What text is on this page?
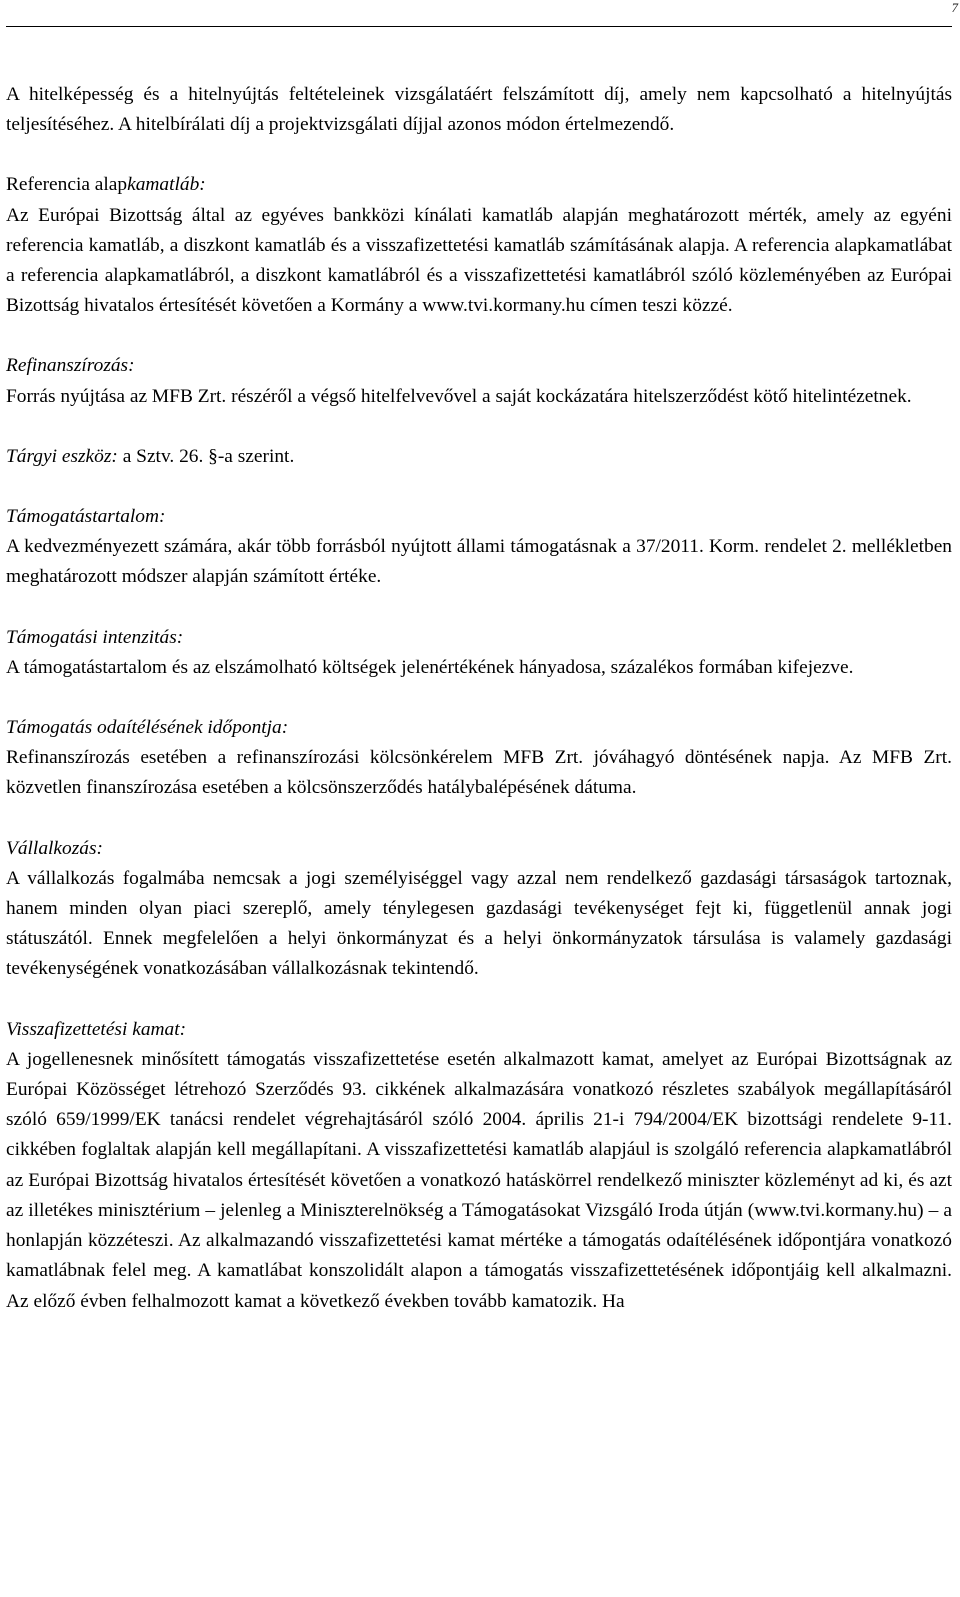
7

A hitelképesség és a hitelnyújtás feltételeinek vizsgálatáért felszámított díj, amely nem kapcsolható a hitelnyújtás teljesítéséhez. A hitelbírálati díj a projektvizsgálati díjjal azonos módon értelmezendő.

Referencia alapkamatláb:
Az Európai Bizottság által az egyéves bankközi kínálati kamatláb alapján meghatározott mérték, amely az egyéni referencia kamatláb, a diszkont kamatláb és a visszafizettetési kamatláb számításának alapja. A referencia alapkamatlábat a referencia alapkamatlábról, a diszkont kamatlábról és a visszafizettetési kamatlábról szóló közleményében az Európai Bizottság hivatalos értesítését követően a Kormány a www.tvi.kormany.hu címen teszi közzé.

Refinanszírozás:
Forrás nyújtása az MFB Zrt. részéről a végső hitelfelvevővel a saját kockázatára hitelszerződést kötő hitelintézetnek.

Tárgyi eszköz: a Sztv. 26. §-a szerint.

Támogatástartalom:
A kedvezményezett számára, akár több forrásból nyújtott állami támogatásnak a 37/2011. Korm. rendelet 2. mellékletben meghatározott módszer alapján számított értéke.

Támogatási intenzitás:
A támogatástartalom és az elszámolható költségek jelenértékének hányadosa, százalékos formában kifejezve.

Támogatás odaítélésének időpontja:
Refinanszírozás esetében a refinanszírozási kölcsönkérelem MFB Zrt. jóváhagyó döntésének napja. Az MFB Zrt. közvetlen finanszírozása esetében a kölcsönszerződés hatálybalépésének dátuma.

Vállalkozás:
A vállalkozás fogalmába nemcsak a jogi személyiséggel vagy azzal nem rendelkező gazdasági társaságok tartoznak, hanem minden olyan piaci szereplő, amely ténylegesen gazdasági tevékenységet fejt ki, függetlenül annak jogi státuszától. Ennek megfelelően a helyi önkormányzat és a helyi önkormányzatok társulása is valamely gazdasági tevékenységének vonatkozásában vállalkozásnak tekintendő.

Visszafizettetési kamat:
A jogellenesnek minősített támogatás visszafizettetése esetén alkalmazott kamat, amelyet az Európai Bizottságnak az Európai Közösséget létrehozó Szerződés 93. cikkének alkalmazására vonatkozó részletes szabályok megállapításáról szóló 659/1999/EK tanácsi rendelet végrehajtásáról szóló 2004. április 21-i 794/2004/EK bizottsági rendelete 9-11. cikkében foglaltak alapján kell megállapítani. A visszafizettetési kamatláb alapjául is szolgáló referencia alapkamatlábról az Európai Bizottság hivatalos értesítését követően a vonatkozó hatáskörrel rendelkező miniszter közleményt ad ki, és azt az illetékes minisztérium – jelenleg a Miniszterelnökség a Támogatásokat Vizsgáló Iroda útján (www.tvi.kormany.hu) – a honlapján közzéteszi. Az alkalmazandó visszafizettetési kamat mértéke a támogatás odaítélésének időpontjára vonatkozó kamatlábnak felel meg. A kamatlábat konszolidált alapon a támogatás visszafizettetésének időpontjáig kell alkalmazni. Az előző évben felhalmozott kamat a következő években tovább kamatozik. Ha
